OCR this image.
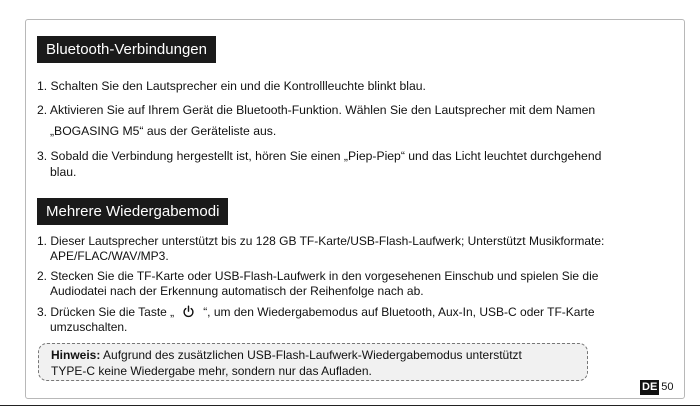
Bluetooth-Verbindungen
1. Schalten Sie den Lautsprecher ein und die Kontrollleuchte blinkt blau.
2. Aktivieren Sie auf Ihrem Gerät die Bluetooth-Funktion. Wählen Sie den Lautsprecher mit dem Namen
„BOGASING M5“ aus der Geräteliste aus.
3. Sobald die Verbindung hergestellt ist, hören Sie einen „Piep-Piep“ und das Licht leuchtet durchgehend
blau.
Mehrere Wiedergabemodi
1. Dieser Lautsprecher unterstützt bis zu 128 GB TF-Karte/USB-Flash-Laufwerk; Unterstützt Musikformate:
APE/FLAC/WAV/MP3.
2. Stecken Sie die TF-Karte oder USB-Flash-Laufwerk in den vorgesehenen Einschub und spielen Sie die
Audiodatei nach der Erkennung automatisch der Reihenfolge nach ab.
3. Drücken Sie die Taste „ “, um den Wiedergabemodus auf Bluetooth, Aux-In, USB-C oder TF-Karte
umzuschalten.
Hinweis: Aufgrund des zusätzlichen USB-Flash-Laufwerk-Wiedergabemodus unterstützt
TYPE-C keine Wiedergabe mehr, sondern nur das Aufladen.
DE 50
